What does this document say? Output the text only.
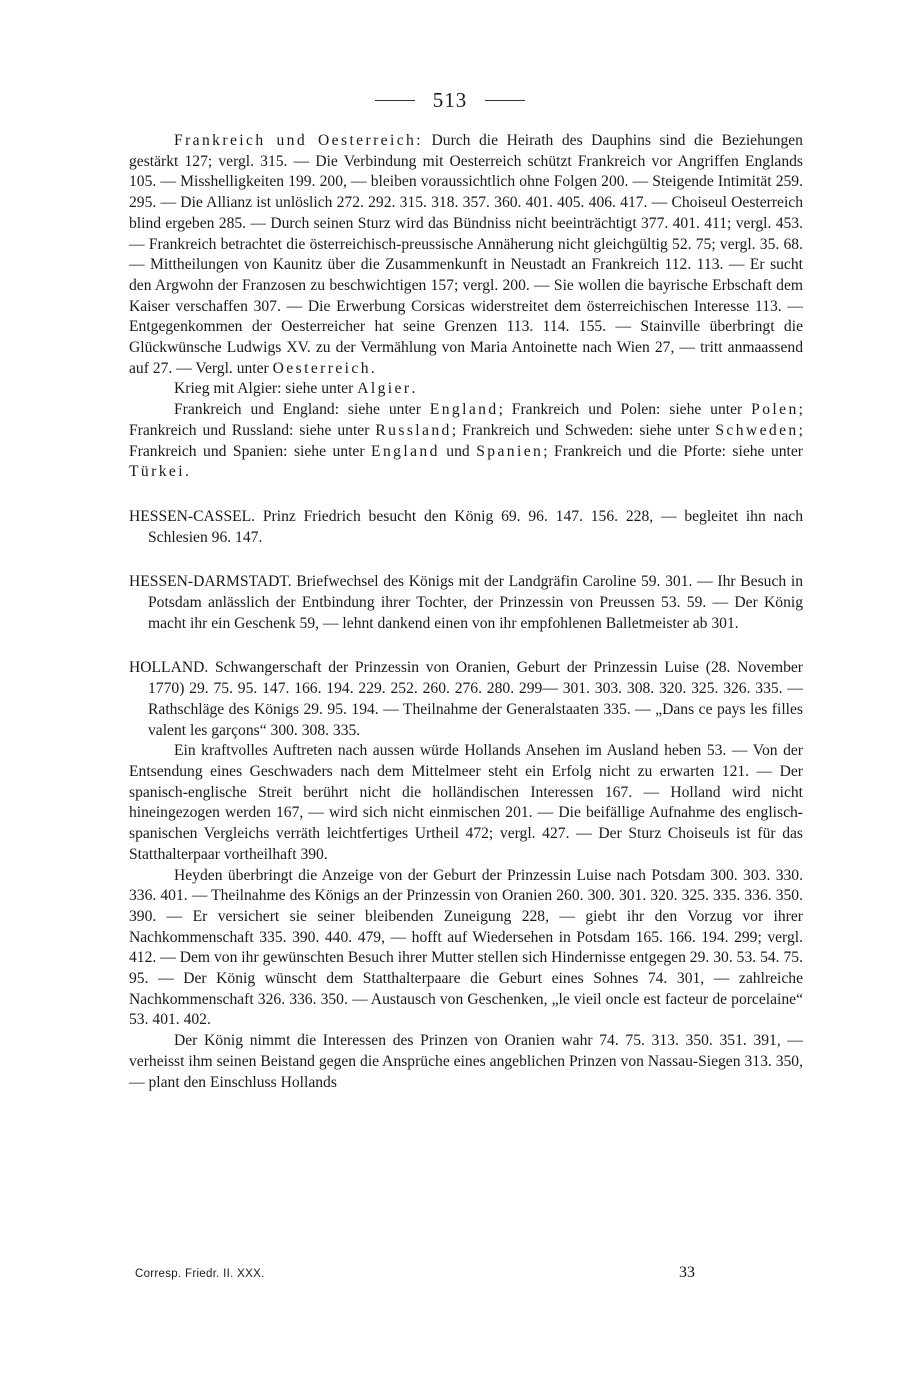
513

Frankreich und Oesterreich: Durch die Heirath des Dauphins sind die Beziehungen gestärkt 127; vergl. 315. — Die Verbindung mit Oesterreich schützt Frankreich vor Angriffen Englands 105. — Misshelligkeiten 199. 200, — bleiben voraussichtlich ohne Folgen 200. — Steigende Intimität 259. 295. — Die Allianz ist unlöslich 272. 292. 315. 318. 357. 360. 401. 405. 406. 417. — Choiseul Oesterreich blind ergeben 285. — Durch seinen Sturz wird das Bündniss nicht beeinträchtigt 377. 401. 411; vergl. 453. — Frankreich betrachtet die österreichisch-preussische Annäherung nicht gleichgültig 52. 75; vergl. 35. 68. — Mittheilungen von Kaunitz über die Zusammenkunft in Neustadt an Frankreich 112. 113. — Er sucht den Argwohn der Franzosen zu beschwichtigen 157; vergl. 200. — Sie wollen die bayrische Erbschaft dem Kaiser verschaffen 307. — Die Erwerbung Corsicas widerstreitet dem österreichischen Interesse 113. — Entgegenkommen der Oesterreicher hat seine Grenzen 113. 114. 155. — Stainville überbringt die Glückwünsche Ludwigs XV. zu der Vermählung von Maria Antoinette nach Wien 27, — tritt anmaassend auf 27. — Vergl. unter Oesterreich.

Krieg mit Algier: siehe unter Algier.

Frankreich und England: siehe unter England; Frankreich und Polen: siehe unter Polen; Frankreich und Russland: siehe unter Russland; Frankreich und Schweden: siehe unter Schweden; Frankreich und Spanien: siehe unter England und Spanien; Frankreich und die Pforte: siehe unter Türkei.

HESSEN-CASSEL. Prinz Friedrich besucht den König 69. 96. 147. 156. 228, — begleitet ihn nach Schlesien 96. 147.

HESSEN-DARMSTADT. Briefwechsel des Königs mit der Landgräfin Caroline 59. 301. — Ihr Besuch in Potsdam anlässlich der Entbindung ihrer Tochter, der Prinzessin von Preussen 53. 59. — Der König macht ihr ein Geschenk 59, — lehnt dankend einen von ihr empfohlenen Balletmeister ab 301.

HOLLAND. Schwangerschaft der Prinzessin von Oranien, Geburt der Prinzessin Luise (28. November 1770) 29. 75. 95. 147. 166. 194. 229. 252. 260. 276. 280. 299— 301. 303. 308. 320. 325. 326. 335. — Rathschläge des Königs 29. 95. 194. — Theilnahme der Generalstaaten 335. — „Dans ce pays les filles valent les garçons“ 300. 308. 335.

Ein kraftvolles Auftreten nach aussen würde Hollands Ansehen im Ausland heben 53. — Von der Entsendung eines Geschwaders nach dem Mittelmeer steht ein Erfolg nicht zu erwarten 121. — Der spanisch-englische Streit berührt nicht die holländischen Interessen 167. — Holland wird nicht hineingezogen werden 167, — wird sich nicht einmischen 201. — Die beifällige Aufnahme des englisch-spanischen Vergleichs verräth leichtfertiges Urtheil 472; vergl. 427. — Der Sturz Choiseuls ist für das Statthalterpaar vortheilhaft 390.

Heyden überbringt die Anzeige von der Geburt der Prinzessin Luise nach Potsdam 300. 303. 330. 336. 401. — Theilnahme des Königs an der Prinzessin von Oranien 260. 300. 301. 320. 325. 335. 336. 350. 390. — Er versichert sie seiner bleibenden Zuneigung 228, — giebt ihr den Vorzug vor ihrer Nachkommenschaft 335. 390. 440. 479, — hofft auf Wiedersehen in Potsdam 165. 166. 194. 299; vergl. 412. — Dem von ihr gewünschten Besuch ihrer Mutter stellen sich Hindernisse entgegen 29. 30. 53. 54. 75. 95. — Der König wünscht dem Statthalterpaare die Geburt eines Sohnes 74. 301, — zahlreiche Nachkommenschaft 326. 336. 350. — Austausch von Geschenken, „le vieil oncle est facteur de porcelaine“ 53. 401. 402.

Der König nimmt die Interessen des Prinzen von Oranien wahr 74. 75. 313. 350. 351. 391, — verheisst ihm seinen Beistand gegen die Ansprüche eines angeblichen Prinzen von Nassau-Siegen 313. 350, — plant den Einschluss Hollands

Corresp. Friedr. II. XXX.	33
